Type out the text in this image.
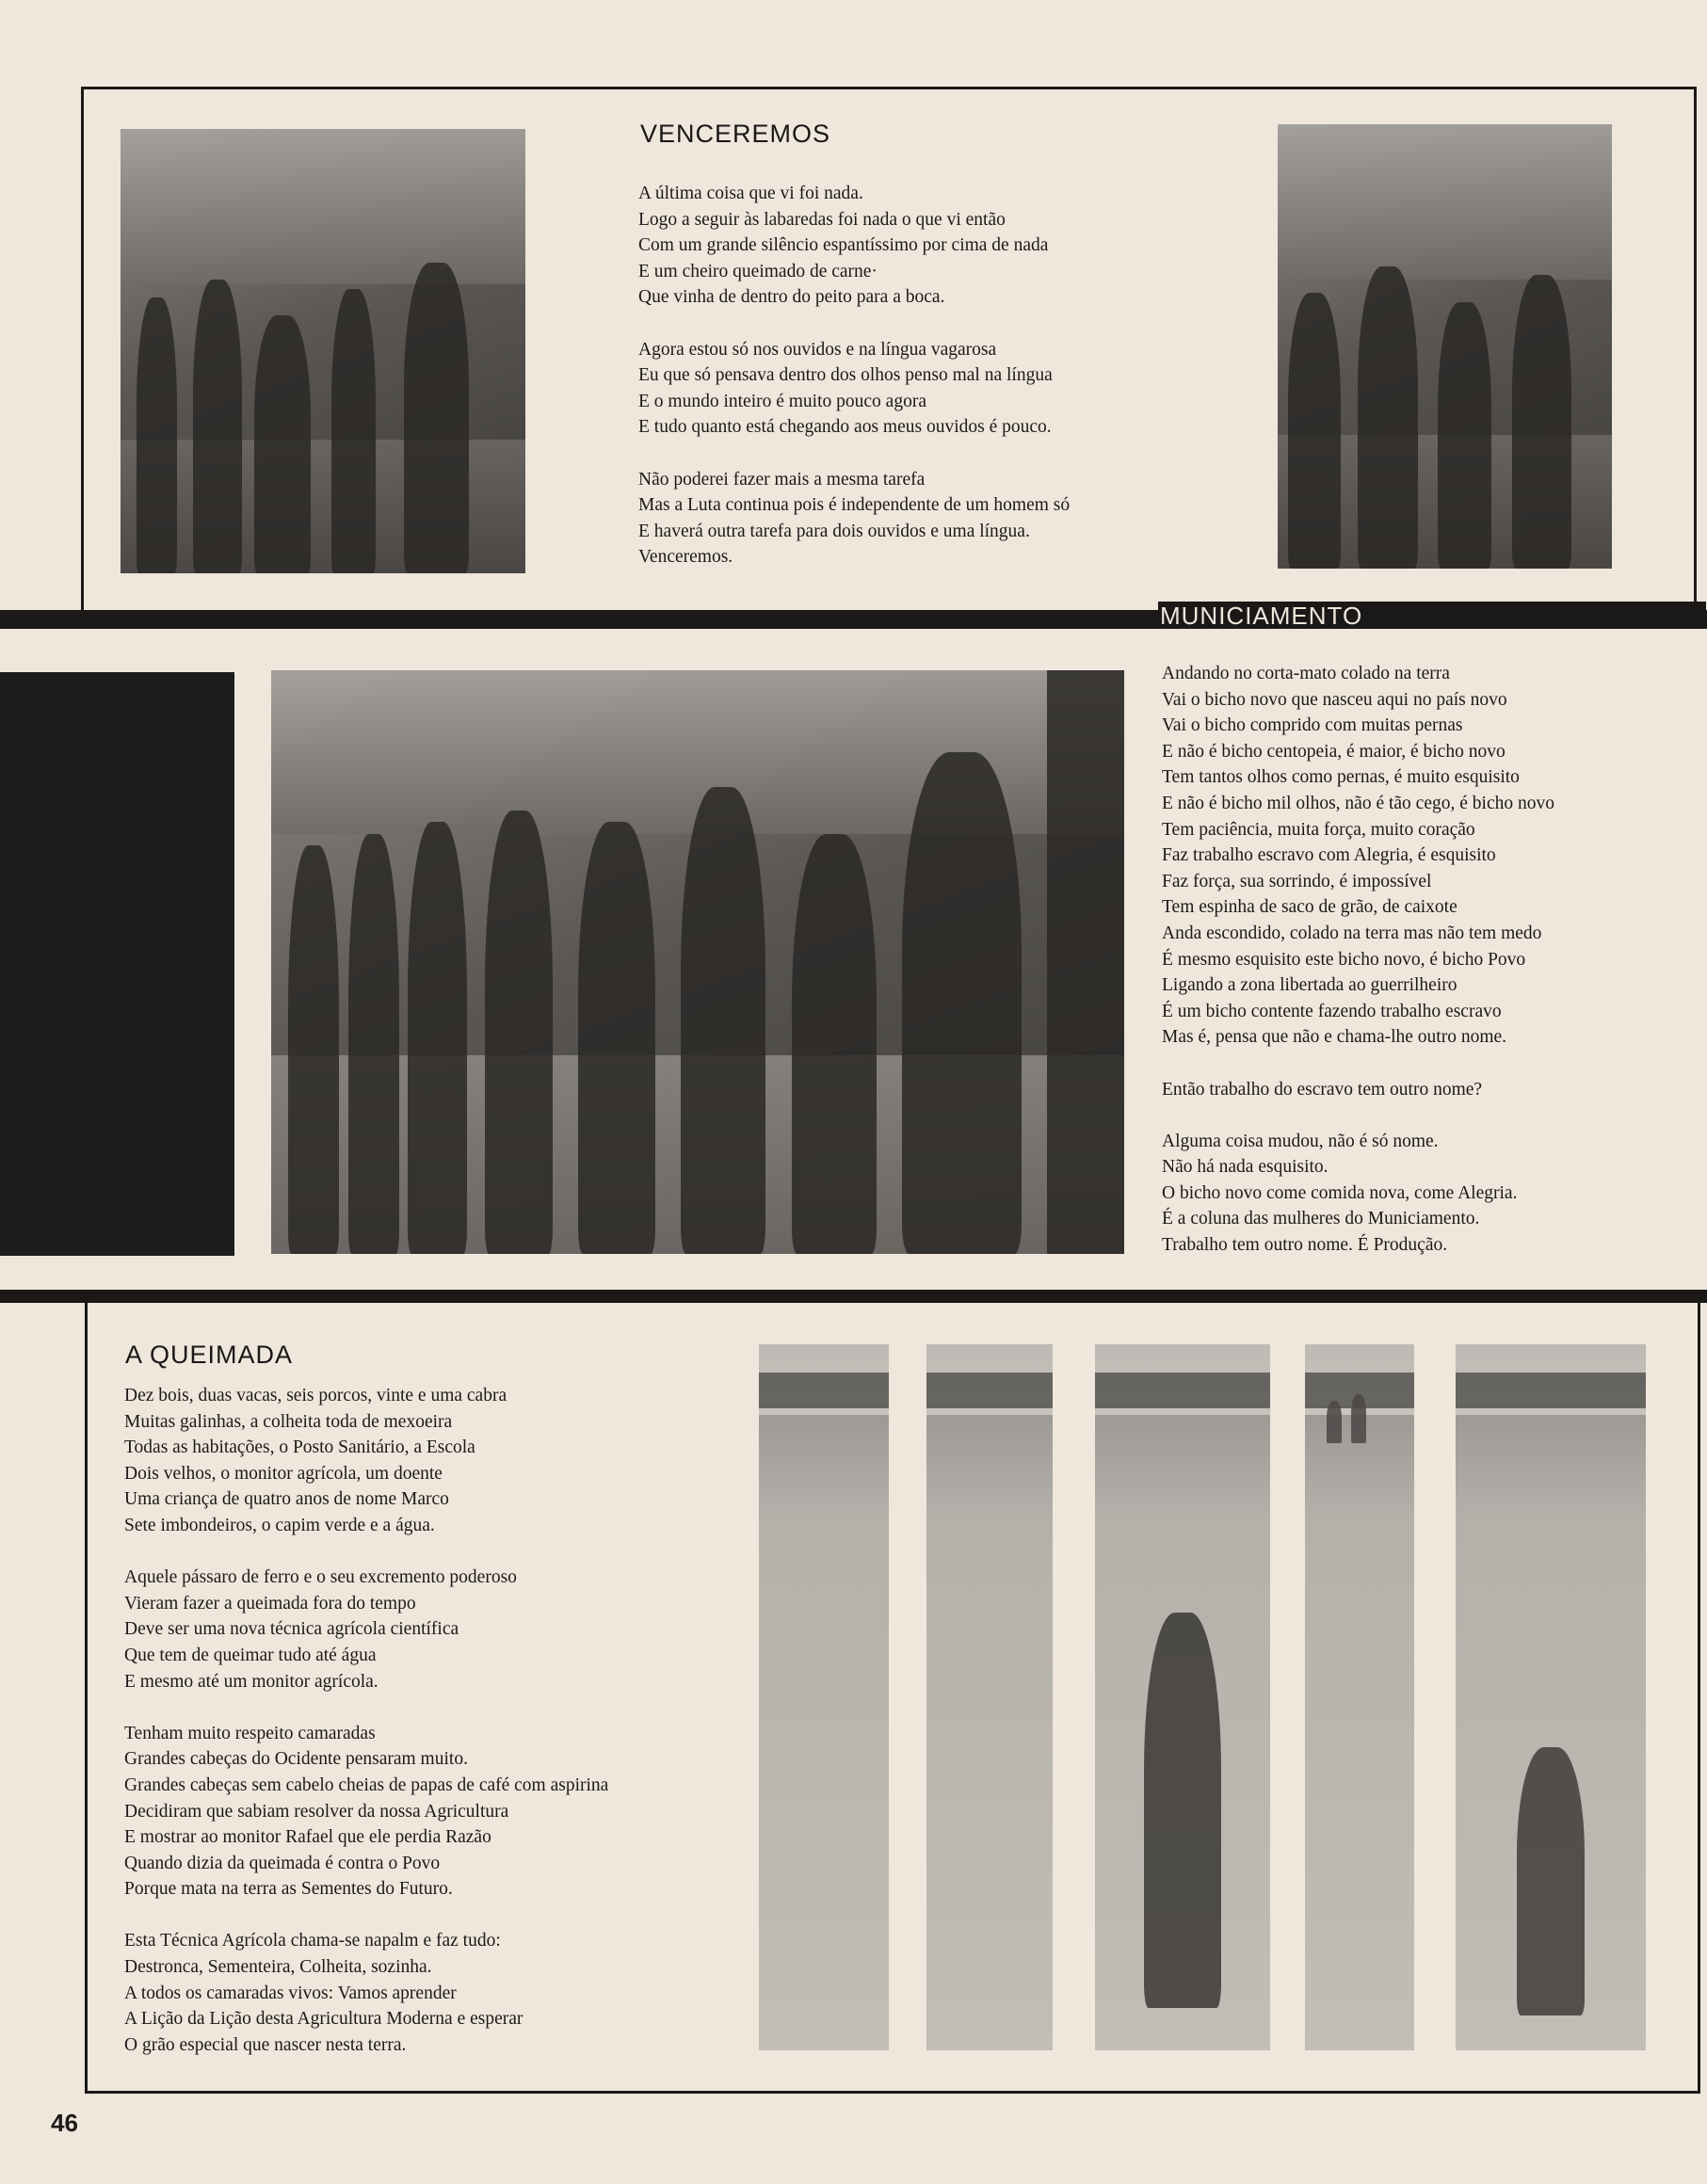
VENCEREMOS
A última coisa que vi foi nada.
Logo a seguir às labaredas foi nada o que vi então
Com um grande silêncio espantíssimo por cima de nada
E um cheiro queimado de carne·
Que vinha de dentro do peito para a boca.
Agora estou só nos ouvidos e na língua vagarosa
Eu que só pensava dentro dos olhos penso mal na língua
E o mundo inteiro é muito pouco agora
E tudo quanto está chegando aos meus ouvidos é pouco.
Não poderei fazer mais a mesma tarefa
Mas a Luta continua pois é independente de um homem só
E haverá outra tarefa para dois ouvidos e uma língua.
Venceremos.
MUNICIAMENTO
Andando no corta-mato colado na terra
Vai o bicho novo que nasceu aqui no país novo
Vai o bicho comprido com muitas pernas
E não é bicho centopeia, é maior, é bicho novo
Tem tantos olhos como pernas, é muito esquisito
E não é bicho mil olhos, não é tão cego, é bicho novo
Tem paciência, muita força, muito coração
Faz trabalho escravo com Alegria, é esquisito
Faz força, sua sorrindo, é impossível
Tem espinha de saco de grão, de caixote
Anda escondido, colado na terra mas não tem medo
É mesmo esquisito este bicho novo, é bicho Povo
Ligando a zona libertada ao guerrilheiro
É um bicho contente fazendo trabalho escravo
Mas é, pensa que não e chama-lhe outro nome.
Então trabalho do escravo tem outro nome?
Alguma coisa mudou, não é só nome.
Não há nada esquisito.
O bicho novo come comida nova, come Alegria.
É a coluna das mulheres do Municiamento.
Trabalho tem outro nome. É Produção.
A QUEIMADA
Dez bois, duas vacas, seis porcos, vinte e uma cabra
Muitas galinhas, a colheita toda de mexoeira
Todas as habitações, o Posto Sanitário, a Escola
Dois velhos, o monitor agrícola, um doente
Uma criança de quatro anos de nome Marco
Sete imbondeiros, o capim verde e a água.
Aquele pássaro de ferro e o seu excremento poderoso
Vieram fazer a queimada fora do tempo
Deve ser uma nova técnica agrícola científica
Que tem de queimar tudo até água
E mesmo até um monitor agrícola.
Tenham muito respeito camaradas
Grandes cabeças do Ocidente pensaram muito.
Grandes cabeças sem cabelo cheias de papas de café com aspirina
Decidiram que sabiam resolver da nossa Agricultura
E mostrar ao monitor Rafael que ele perdia Razão
Quando dizia da queimada é contra o Povo
Porque mata na terra as Sementes do Futuro.
Esta Técnica Agrícola chama-se napalm e faz tudo:
Destronca, Sementeira, Colheita, sozinha.
A todos os camaradas vivos: Vamos aprender
A Lição da Lição desta Agricultura Moderna e esperar
O grão especial que nascer nesta terra.
46
